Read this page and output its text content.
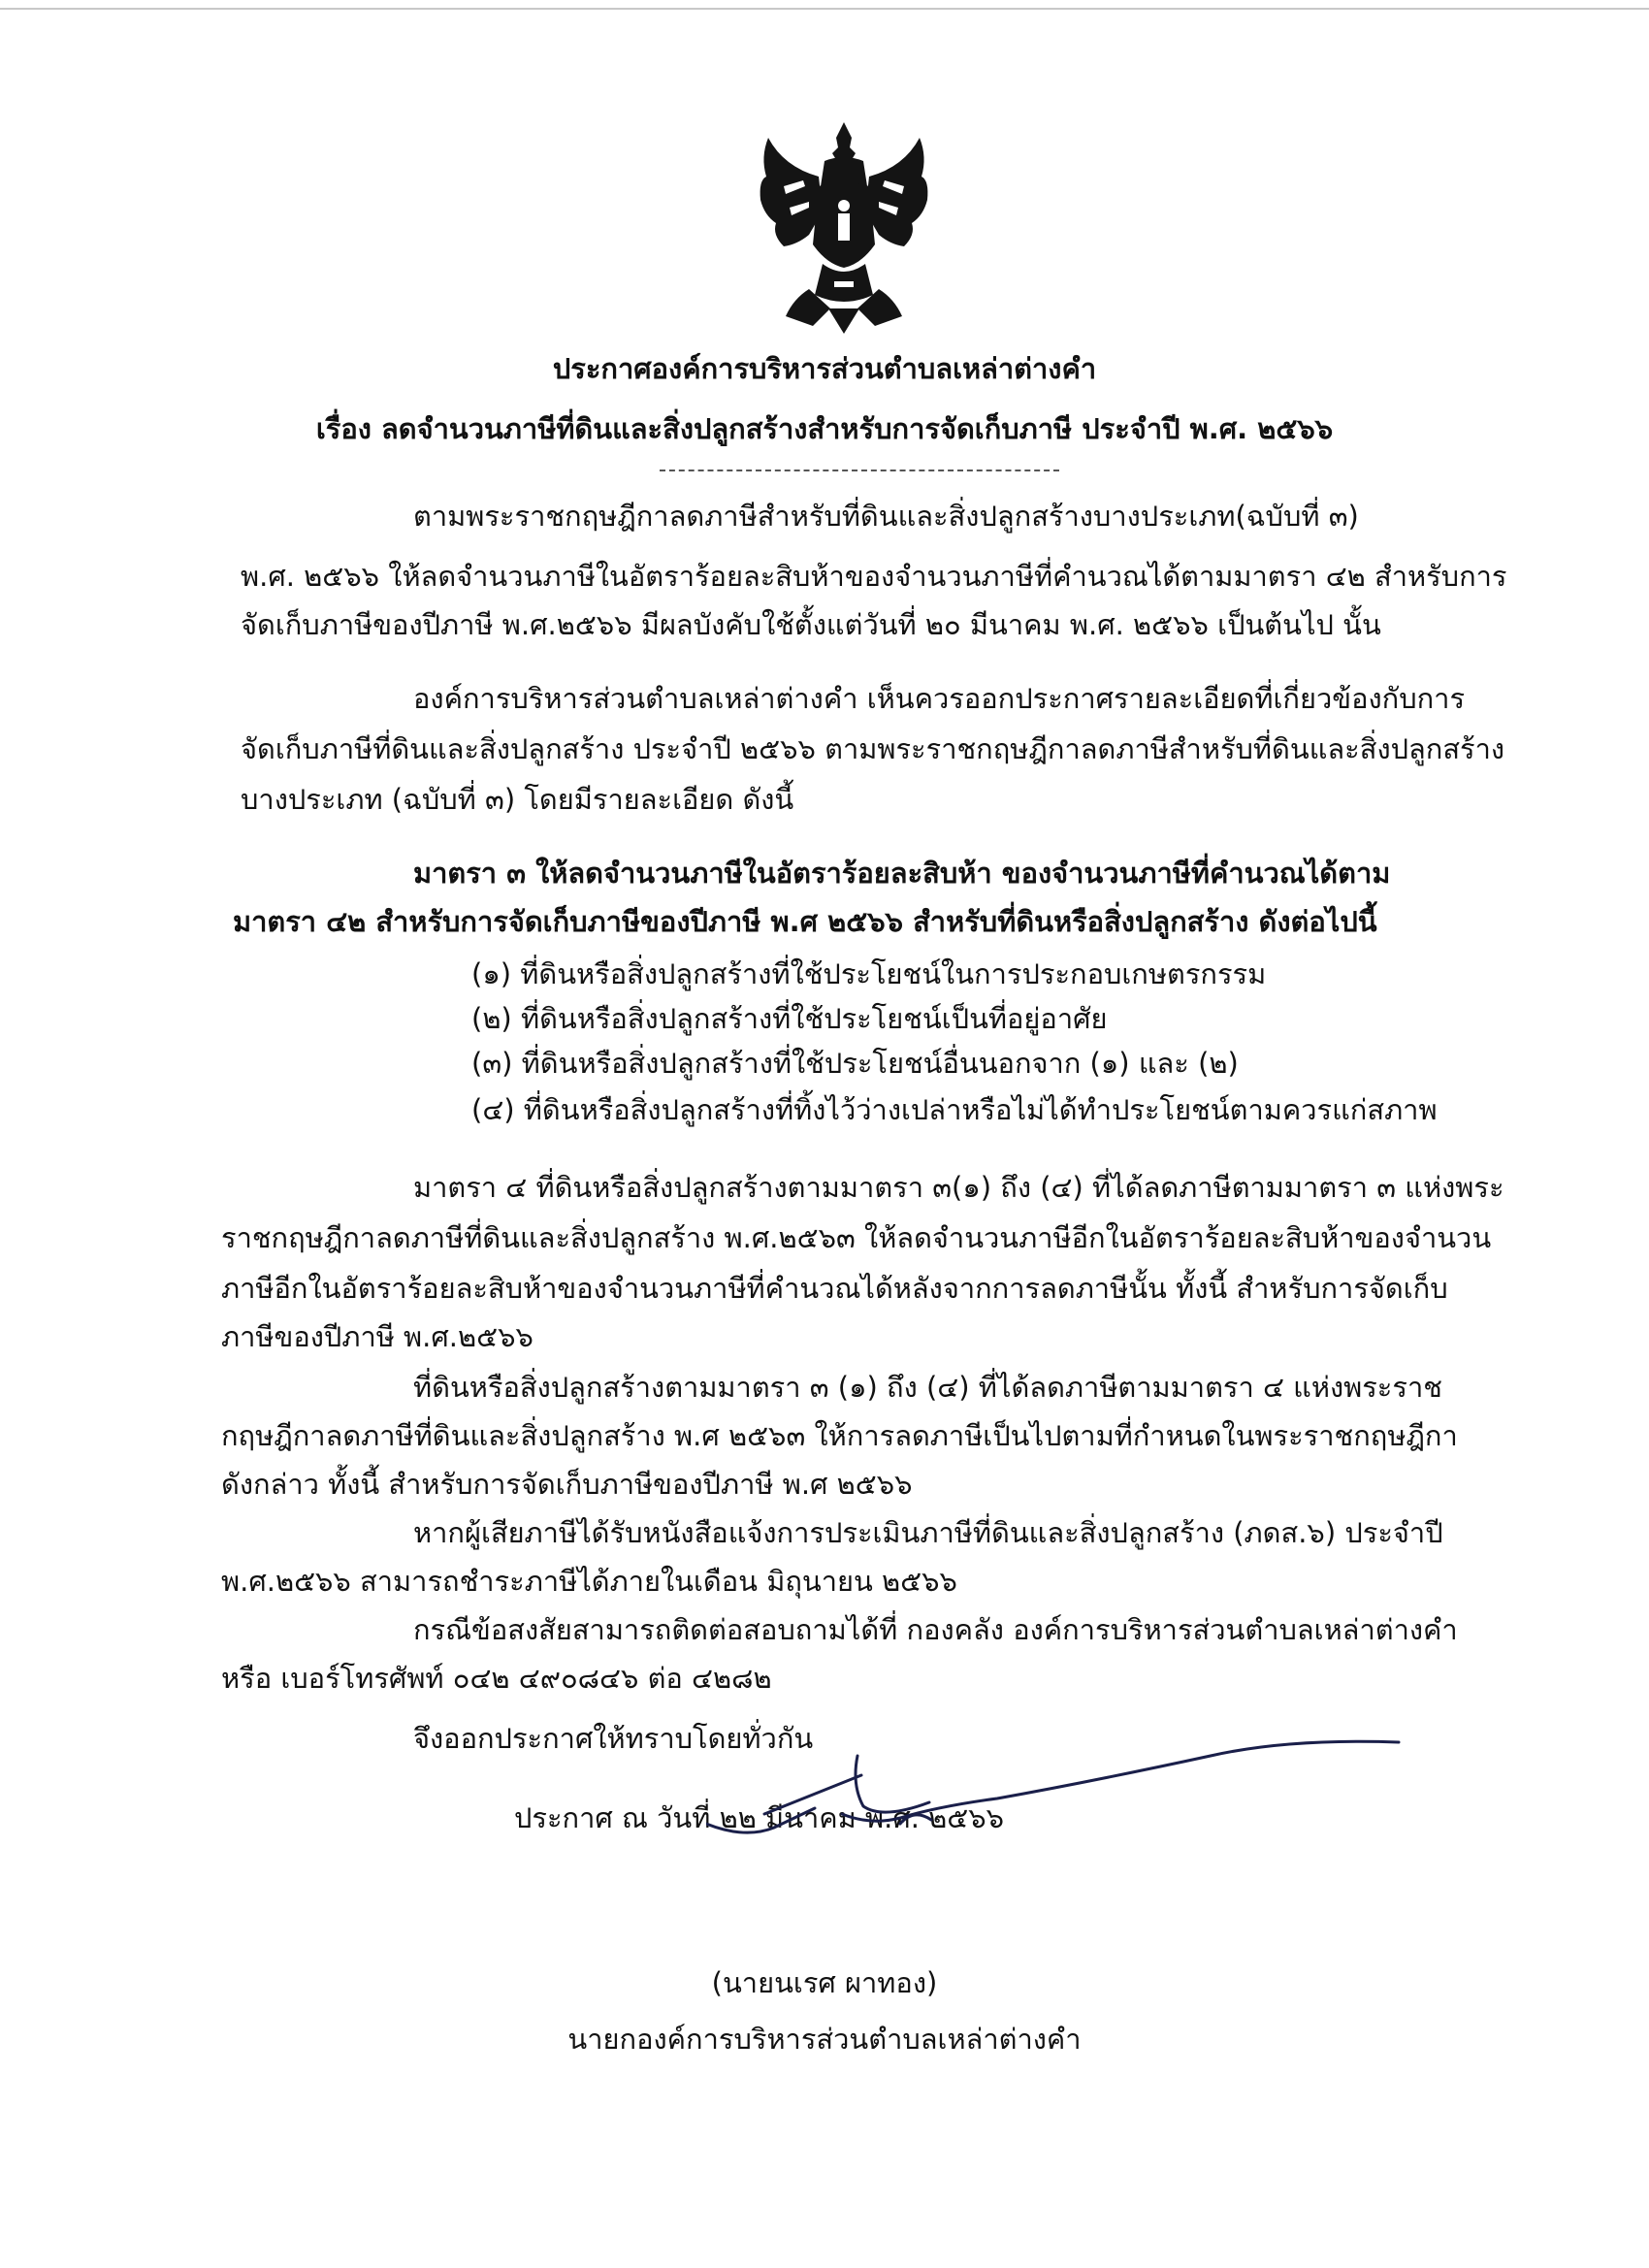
ประกาศองค์การบริหารส่วนตำบลเหล่าต่างคำ
เรื่อง ลดจำนวนภาษีที่ดินและสิ่งปลูกสร้างสำหรับการจัดเก็บภาษี ประจำปี พ.ศ. ๒๕๖๖
ตามพระราชกฤษฎีกาลดภาษีสำหรับที่ดินและสิ่งปลูกสร้างบางประเภท(ฉบับที่ ๓)
พ.ศ. ๒๕๖๖ ให้ลดจำนวนภาษีในอัตราร้อยละสิบห้าของจำนวนภาษีที่คำนวณได้ตามมาตรา ๔๒ สำหรับการ
จัดเก็บภาษีของปีภาษี พ.ศ.๒๕๖๖ มีผลบังคับใช้ตั้งแต่วันที่ ๒๐ มีนาคม พ.ศ. ๒๕๖๖ เป็นต้นไป นั้น
องค์การบริหารส่วนตำบลเหล่าต่างคำ เห็นควรออกประกาศรายละเอียดที่เกี่ยวข้องกับการ
จัดเก็บภาษีที่ดินและสิ่งปลูกสร้าง ประจำปี ๒๕๖๖ ตามพระราชกฤษฎีกาลดภาษีสำหรับที่ดินและสิ่งปลูกสร้าง
บางประเภท (ฉบับที่ ๓) โดยมีรายละเอียด ดังนี้
มาตรา ๓ ให้ลดจำนวนภาษีในอัตราร้อยละสิบห้า ของจำนวนภาษีที่คำนวณได้ตาม
มาตรา ๔๒ สำหรับการจัดเก็บภาษีของปีภาษี พ.ศ ๒๕๖๖ สำหรับที่ดินหรือสิ่งปลูกสร้าง ดังต่อไปนี้
(๑) ที่ดินหรือสิ่งปลูกสร้างที่ใช้ประโยชน์ในการประกอบเกษตรกรรม
(๒) ที่ดินหรือสิ่งปลูกสร้างที่ใช้ประโยชน์เป็นที่อยู่อาศัย
(๓) ที่ดินหรือสิ่งปลูกสร้างที่ใช้ประโยชน์อื่นนอกจาก (๑) และ (๒)
(๔) ที่ดินหรือสิ่งปลูกสร้างที่ทิ้งไว้ว่างเปล่าหรือไม่ได้ทำประโยชน์ตามควรแก่สภาพ
มาตรา ๔ ที่ดินหรือสิ่งปลูกสร้างตามมาตรา ๓(๑) ถึง (๔) ที่ได้ลดภาษีตามมาตรา ๓ แห่งพระ
ราชกฤษฎีกาลดภาษีที่ดินและสิ่งปลูกสร้าง พ.ศ.๒๕๖๓ ให้ลดจำนวนภาษีอีกในอัตราร้อยละสิบห้าของจำนวน
ภาษีอีกในอัตราร้อยละสิบห้าของจำนวนภาษีที่คำนวณได้หลังจากการลดภาษีนั้น ทั้งนี้ สำหรับการจัดเก็บ
ภาษีของปีภาษี พ.ศ.๒๕๖๖
ที่ดินหรือสิ่งปลูกสร้างตามมาตรา ๓ (๑) ถึง (๔) ที่ได้ลดภาษีตามมาตรา ๔ แห่งพระราช
กฤษฎีกาลดภาษีที่ดินและสิ่งปลูกสร้าง พ.ศ ๒๕๖๓ ให้การลดภาษีเป็นไปตามที่กำหนดในพระราชกฤษฎีกา
ดังกล่าว ทั้งนี้ สำหรับการจัดเก็บภาษีของปีภาษี พ.ศ ๒๕๖๖
หากผู้เสียภาษีได้รับหนังสือแจ้งการประเมินภาษีที่ดินและสิ่งปลูกสร้าง (ภดส.๖) ประจำปี
พ.ศ.๒๕๖๖ สามารถชำระภาษีได้ภายในเดือน มิถุนายน ๒๕๖๖
กรณีข้อสงสัยสามารถติดต่อสอบถามได้ที่ กองคลัง องค์การบริหารส่วนตำบลเหล่าต่างคำ
หรือ เบอร์โทรศัพท์ ๐๔๒ ๔๙๐๘๔๖ ต่อ ๔๒๘๒
จึงออกประกาศให้ทราบโดยทั่วกัน
ประกาศ ณ วันที่ ๒๒ มีนาคม พ.ศ. ๒๕๖๖
(นายนเรศ ผาทอง)
นายกองค์การบริหารส่วนตำบลเหล่าต่างคำ
